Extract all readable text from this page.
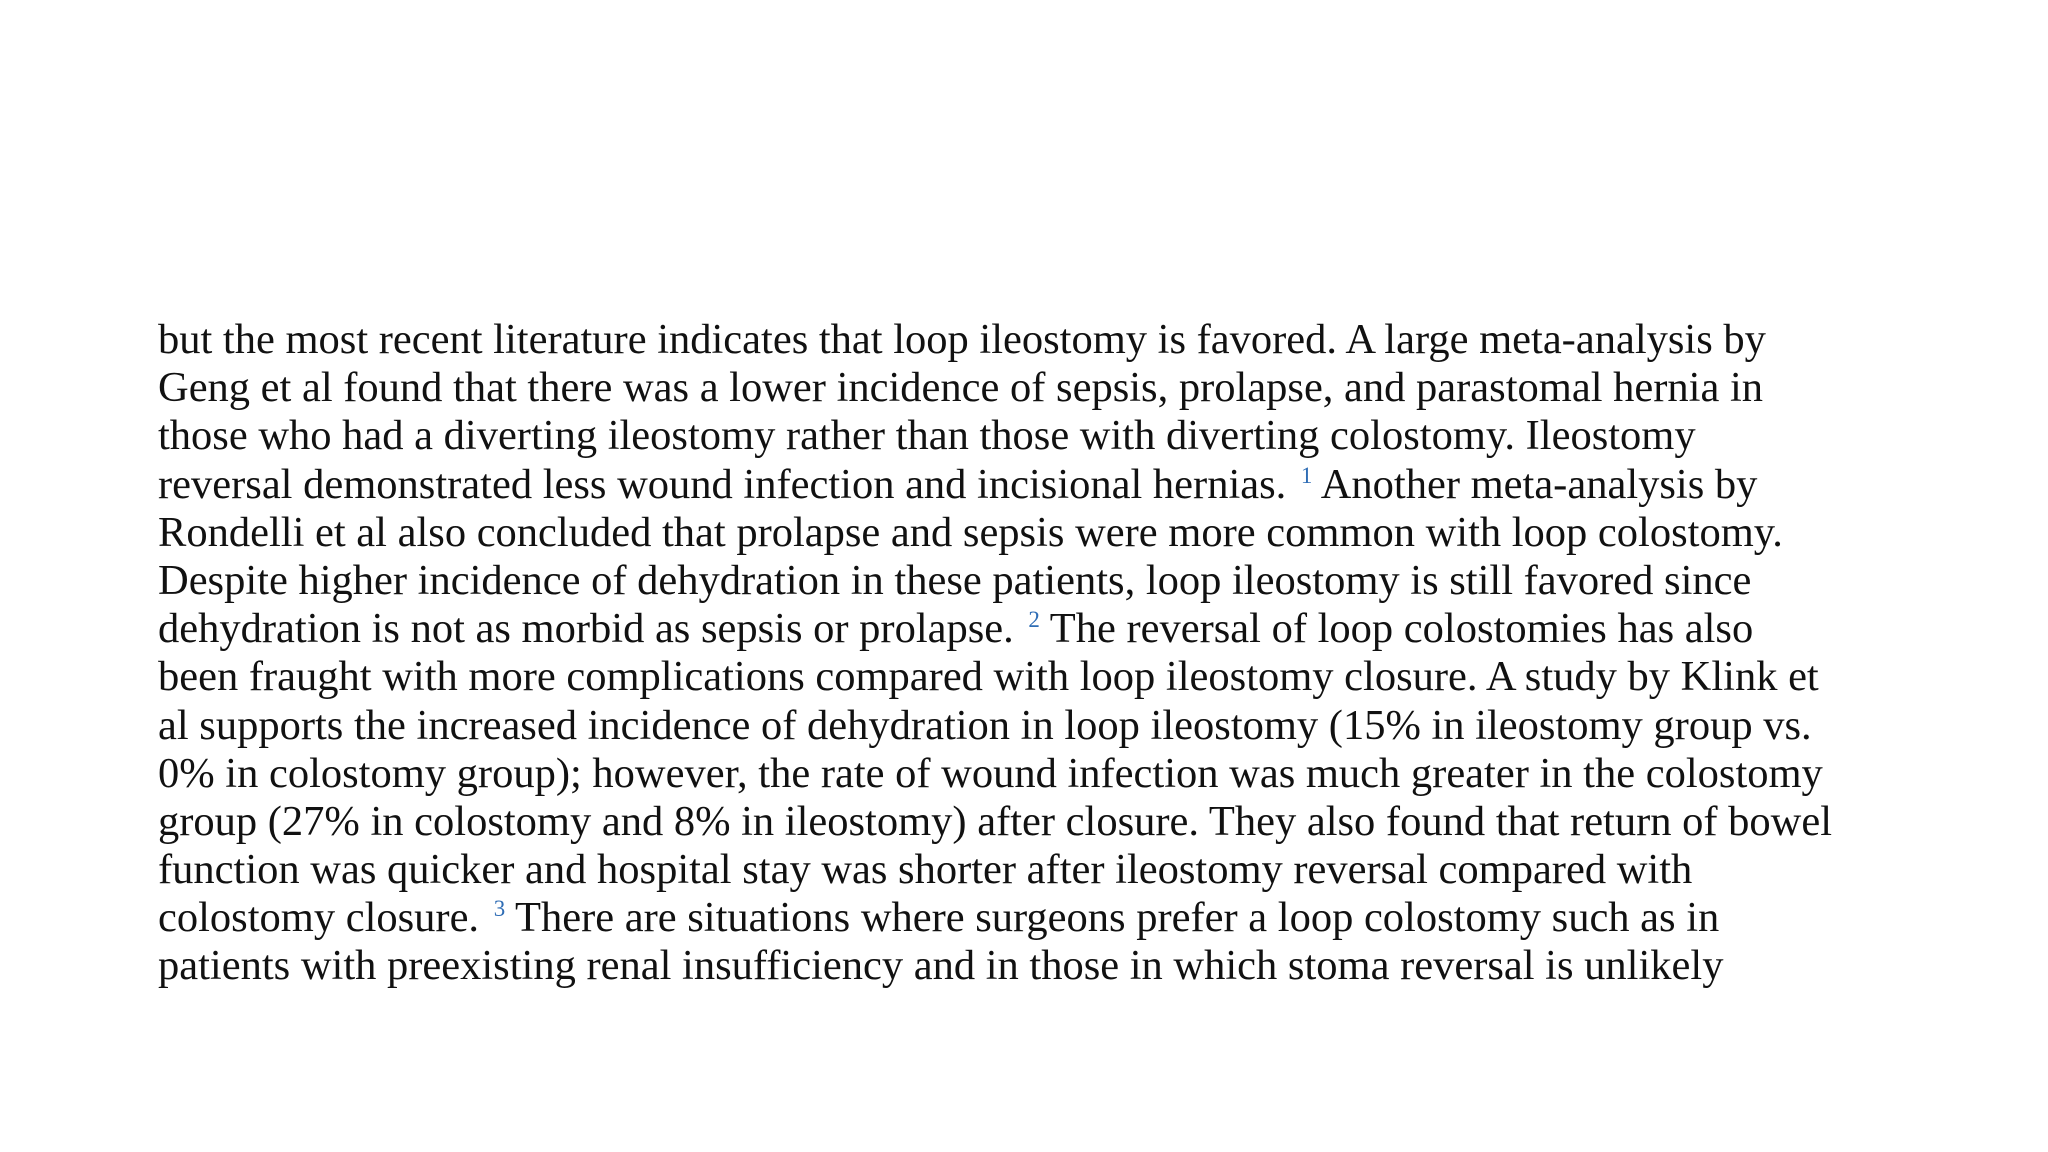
but the most recent literature indicates that loop ileostomy is favored. A large meta-analysis by
Geng et al found that there was a lower incidence of sepsis, prolapse, and parastomal hernia in
those who had a diverting ileostomy rather than those with diverting colostomy. Ileostomy
reversal demonstrated less wound infection and incisional hernias. $^1$ Another meta-analysis by
Rondelli et al also concluded that prolapse and sepsis were more common with loop colostomy.
Despite higher incidence of dehydration in these patients, loop ileostomy is still favored since
dehydration is not as morbid as sepsis or prolapse. $^2$ The reversal of loop colostomies has also
been fraught with more complications compared with loop ileostomy closure. A study by Klink et
al supports the increased incidence of dehydration in loop ileostomy (15% in ileostomy group vs.
0% in colostomy group); however, the rate of wound infection was much greater in the colostomy
group (27% in colostomy and 8% in ileostomy) after closure. They also found that return of bowel
function was quicker and hospital stay was shorter after ileostomy reversal compared with
colostomy closure. $^3$ There are situations where surgeons prefer a loop colostomy such as in
patients with preexisting renal insufficiency and in those in which stoma reversal is unlikely
